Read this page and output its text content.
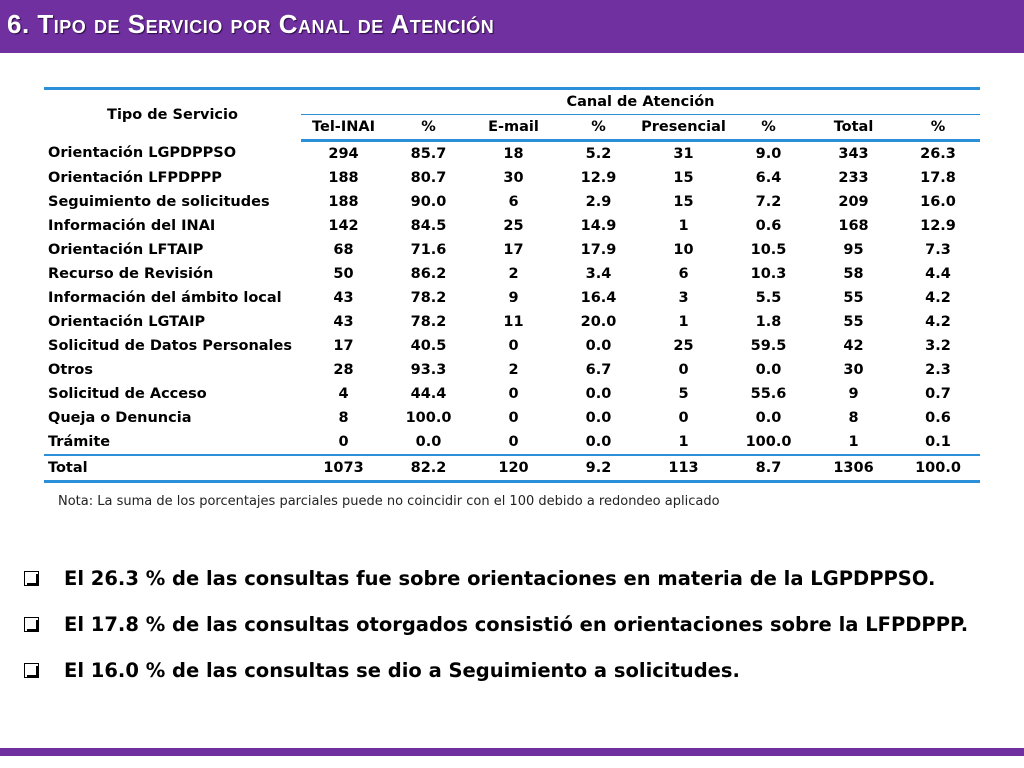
6. Tipo de Servicio por Canal de Atención
Tipo de Servicio	Canal de Atención							
	Tel-INAI	%	E-mail	%	Presencial	%	Total	%
Orientación LGPDPPSO	294	85.7	18	5.2	31	9.0	343	26.3
Orientación LFPDPPP	188	80.7	30	12.9	15	6.4	233	17.8
Seguimiento de solicitudes	188	90.0	6	2.9	15	7.2	209	16.0
Información del INAI	142	84.5	25	14.9	1	0.6	168	12.9
Orientación LFTAIP	68	71.6	17	17.9	10	10.5	95	7.3
Recurso de Revisión	50	86.2	2	3.4	6	10.3	58	4.4
Información del ámbito local	43	78.2	9	16.4	3	5.5	55	4.2
Orientación LGTAIP	43	78.2	11	20.0	1	1.8	55	4.2
Solicitud de Datos Personales	17	40.5	0	0.0	25	59.5	42	3.2
Otros	28	93.3	2	6.7	0	0.0	30	2.3
Solicitud de Acceso	4	44.4	0	0.0	5	55.6	9	0.7
Queja o Denuncia	8	100.0	0	0.0	0	0.0	8	0.6
Trámite	0	0.0	0	0.0	1	100.0	1	0.1
Total	1073	82.2	120	9.2	113	8.7	1306	100.0
Nota: La suma de los porcentajes parciales puede no coincidir con el 100 debido a redondeo aplicado
El 26.3 % de las consultas fue sobre orientaciones en materia de la LGPDPPSO.
El 17.8 % de las consultas otorgados consistió en orientaciones sobre la LFPDPPP.
El 16.0 % de las consultas se dio a Seguimiento a solicitudes.
